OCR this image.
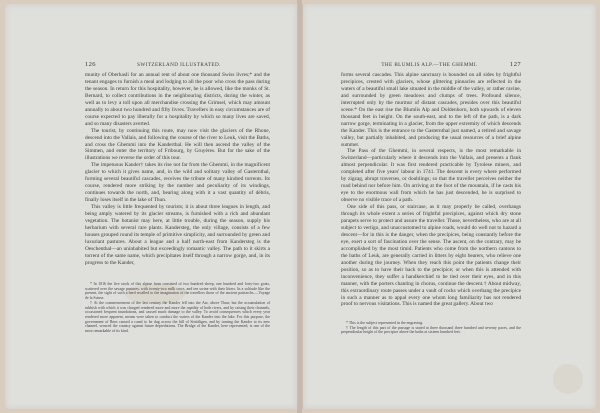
126	SWITZERLAND ILLUSTRATED.

munity of Oberhasli for an annual rent of about one thousand Swiss livres;* and the tenant engages to furnish a meal and lodging to all the poor who cross the pass during the season. In return for this hospitality, however, he is allowed, like the monks of St. Bernard, to collect contributions in the neighbouring districts, during the winter, as well as to levy a toll upon all merchandise crossing the Grimsel, which may amount annually to about two hundred and fifty livres. Travellers in easy circumstances are of course expected to pay liberally for a hospitality by which so many lives are saved, and so many disasters averted.

The tourist, by continuing this route, may now visit the glaciers of the Rhone, descend into the Vallais, and following the course of the river to Leuk, visit the Baths, and cross the Ghemmi into the Kanderthal. He will then ascend the valley of the Simmen, and enter the territory of Fribourg, by Gruyères. But for the sake of the illustrations we reverse the order of this tour.

The impetuous Kander† takes its rise not far from the Ghemmi, in the magnificent glacier to which it gives name, and, in the wild and solitary valley of Gasternthal, forming several beautiful cascades, receives the tribute of many kindred torrents. Its course, rendered more striking by the number and peculiarity of its windings, continues towards the north, and, bearing along with it a vast quantity of débris, finally loses itself in the lake of Thun.

This valley is little frequented by tourists; it is about three leagues in length, and being amply watered by its glacier streams, is furnished with a rich and abundant vegetation. The botanist may here, at little trouble, during the season, supply his herbarium with several rare plants. Kandersteg, the only village, consists of a few houses grouped round its temple of primitive simplicity, and surrounded by green and luxuriant pastures. About a league and a half north-east from Kandersteg is the Oeschenthal—an uninhabited but exceedingly romantic valley. The path to it skirts a torrent of the same name, which precipitates itself through a narrow gorge, and, in its progress to the Kander,

* In 1816 the live stock of this alpine farm consisted of two hundred sheep, one hundred and forty-two goats, scattered over the savage pastures, with twenty-two milk cows, and ten swine with their litters. In a solitude like the present, the sight of such a herd recalled to the imagination of the travellers those of the ancient patriarchs.—Voyage de la Suisse.

† At the commencement of the last century the Kander fell into the Aar, above Thun; but the accumulation of rubbish with which it was charged rendered more and more the rapidity of both rivers, and by raising their channels, occasioned frequent inundations, and caused much damage to the valley. To avoid consequences which every year rendered more apparent, means were taken to conduct the waters of the Kander into the lake. For this purpose, the government of Bern caused a canal to be dug across the hill of Strättligen, and by turning the Kander to its new channel, secured the country against future depredations. The Bridge of the Kander, here represented, is one of the most remarkable of its kind.

THE BLUMLIS ALP.—THE GHEMMI.	127

forms several cascades. This alpine sanctuary is bounded on all sides by frightful precipices, crested with glaciers, whose glittering pinnacles are reflected in the waters of a beautiful small lake situated in the middle of the valley, or rather ravine, and surrounded by green meadows and clumps of trees. Profound silence, interrupted only by the murmur of distant cascades, presides over this beautiful scene.* On the east rise the Blumlis Alp and Doldenhorn, both upwards of eleven thousand feet in height. On the south-east, and to the left of the path, is a dark narrow gorge, terminating in a glacier, from the upper extremity of which descends the Kander. This is the entrance to the Gasternthal just named, a retired and savage valley, but partially inhabited, and producing the usual resources of a brief alpine summer.

The Pass of the Ghemmi, in several respects, is the most remarkable in Switzerland—particularly where it descends into the Vallais, and presents a flank almost perpendicular. It was first rendered practicable by Tyrolese miners, and completed after five years' labour in 1741. The descent is every where performed by zigzag, abrupt traverses, or doublings; so that the traveller perceives neither the road behind nor before him. On arriving at the foot of the mountain, if he casts his eye to the enormous wall from which he has just descended, he is surprised to observe no visible trace of a path.

One side of this pass, or staircase, as it may properly be called, overhangs through its whole extent a series of frightful precipices, against which dry stone parapets serve to protect and assure the traveller. Those, nevertheless, who are at all subject to vertigo, and unaccustomed to alpine roads, would do well not to hazard a descent—for in this is the danger, when the precipices, being constantly before the eye, exert a sort of fascination over the sense. The ascent, on the contrary, may be accomplished by the most timid. Patients who come from the northern cantons to the baths of Leuk, are generally carried in litters by eight bearers, who relieve one another during the journey. When they reach this point the patients change their position, so as to have their back to the precipice; or when this is attended with inconvenience, they suffer a handkerchief to be tied over their eyes, and in this manner, with the porters chanting in chorus, continue the descent.† About midway, this extraordinary route passes under a vault of rocks which overhang the precipice in such a manner as to appal every one whom long familiarity has not rendered proof to nervous visitations. This is named the great gallery. About two

* This is the subject represented in the engraving.

† The length of this part of the passage is stated at three thousand three hundred and seventy paces, and the perpendicular height of the precipice above the baths at sixteen hundred feet.
